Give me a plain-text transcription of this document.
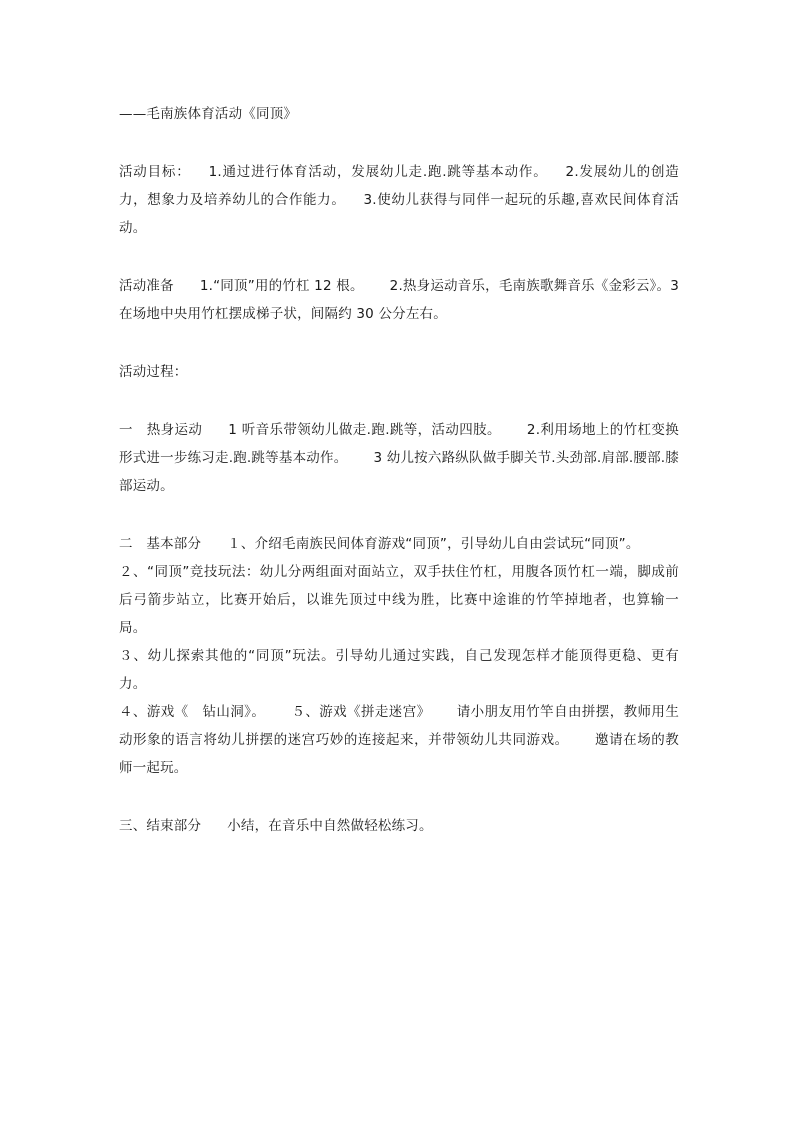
——毛南族体育活动《同顶》

活动目标： 1.通过进行体育活动，发展幼儿走.跑.跳等基本动作。 2.发展幼儿的创造力，想象力及培养幼儿的合作能力。 3.使幼儿获得与同伴一起玩的乐趣,喜欢民间体育活动。

活动准备 1.“同顶”用的竹杠 12 根。 2.热身运动音乐，毛南族歌舞音乐《金彩云》。3 在场地中央用竹杠摆成梯子状，间隔约 30 公分左右。

活动过程：

一　热身运动 1 听音乐带领幼儿做走.跑.跳等，活动四肢。 2.利用场地上的竹杠变换形式进一步练习走.跑.跳等基本动作。 3 幼儿按六路纵队做手脚关节.头劲部.肩部.腰部.膝部运动。

二　基本部分 １、介绍毛南族民间体育游戏“同顶”，引导幼儿自由尝试玩“同顶”。

２、“同顶”竞技玩法：幼儿分两组面对面站立，双手扶住竹杠，用腹各顶竹杠一端，脚成前后弓箭步站立，比赛开始后，以谁先顶过中线为胜，比赛中途谁的竹竿掉地者，也算输一局。

３、幼儿探索其他的“同顶”玩法。引导幼儿通过实践，自己发现怎样才能顶得更稳、更有力。

４、游戏《　钻山洞》。 ５、游戏《拼走迷宫》 请小朋友用竹竿自由拼摆，教师用生动形象的语言将幼儿拼摆的迷宫巧妙的连接起来，并带领幼儿共同游戏。 邀请在场的教师一起玩。

三、结束部分 小结，在音乐中自然做轻松练习。
